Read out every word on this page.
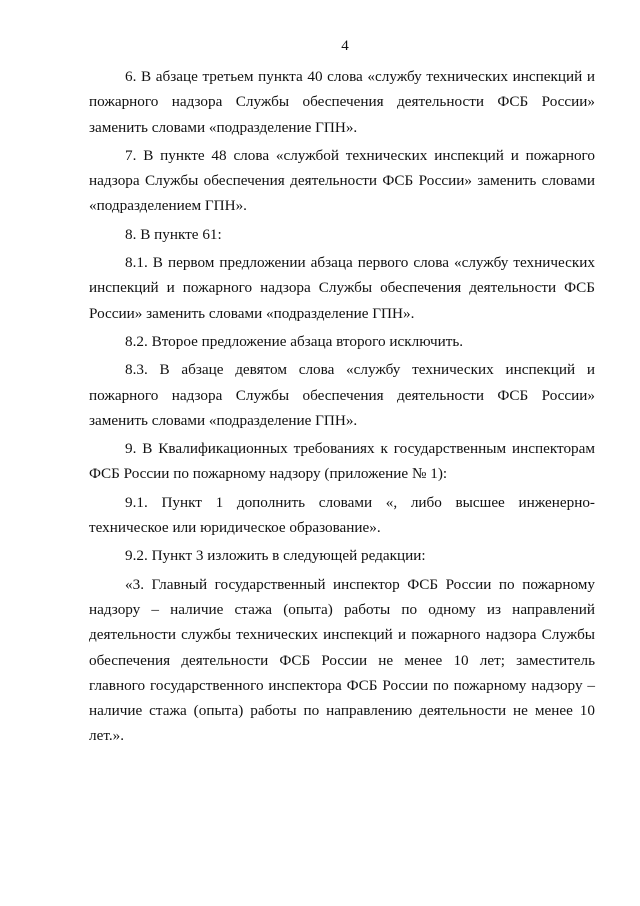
4

6. В абзаце третьем пункта 40 слова «службу технических инспекций и пожарного надзора Службы обеспечения деятельности ФСБ России» заменить словами «подразделение ГПН».

7. В пункте 48 слова «службой технических инспекций и пожарного надзора Службы обеспечения деятельности ФСБ России» заменить словами «подразделением ГПН».

8. В пункте 61:

8.1. В первом предложении абзаца первого слова «службу технических инспекций и пожарного надзора Службы обеспечения деятельности ФСБ России» заменить словами «подразделение ГПН».

8.2. Второе предложение абзаца второго исключить.

8.3. В абзаце девятом слова «службу технических инспекций и пожарного надзора Службы обеспечения деятельности ФСБ России» заменить словами «подразделение ГПН».

9. В Квалификационных требованиях к государственным инспекторам ФСБ России по пожарному надзору (приложение № 1):

9.1. Пункт 1 дополнить словами «, либо высшее инженерно-техническое или юридическое образование».

9.2. Пункт 3 изложить в следующей редакции:

«3. Главный государственный инспектор ФСБ России по пожарному надзору – наличие стажа (опыта) работы по одному из направлений деятельности службы технических инспекций и пожарного надзора Службы обеспечения деятельности ФСБ России не менее 10 лет; заместитель главного государственного инспектора ФСБ России по пожарному надзору – наличие стажа (опыта) работы по направлению деятельности не менее 10 лет.».
